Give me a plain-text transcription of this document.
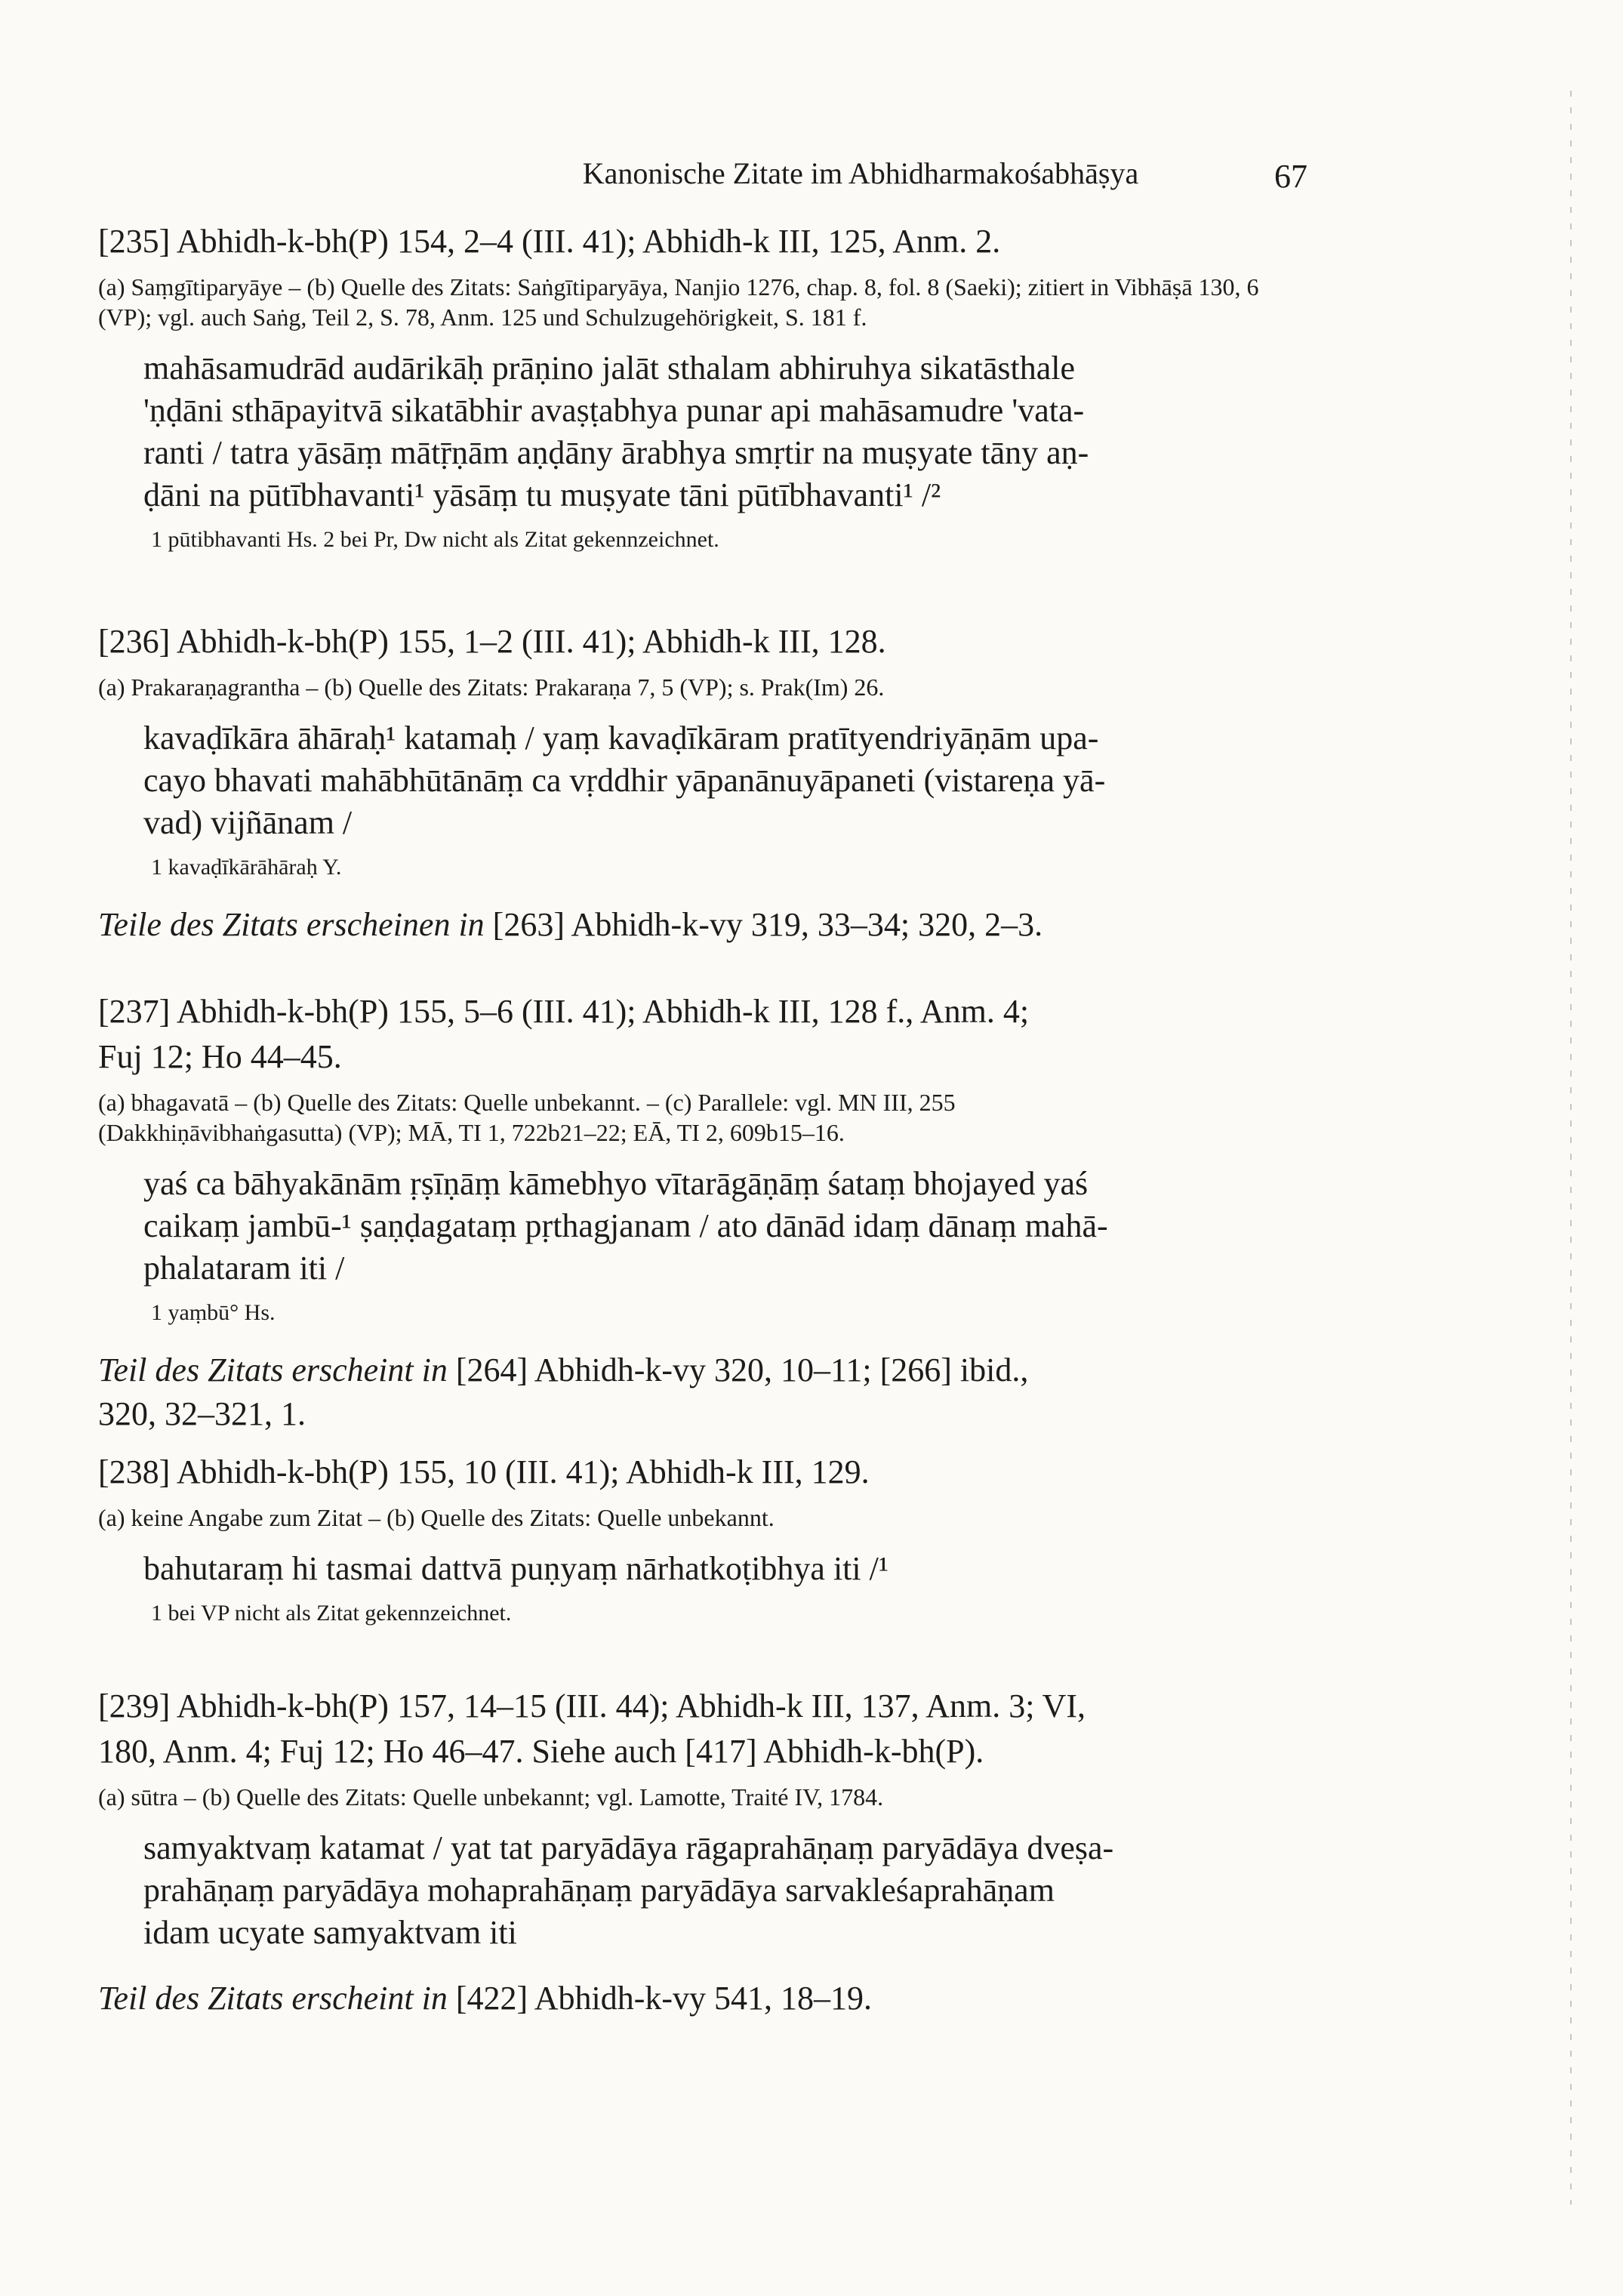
Kanonische Zitate im Abhidharmakośabhāṣya	67

[235] Abhidh-k-bh(P) 154, 2–4 (III. 41); Abhidh-k III, 125, Anm. 2.

(a) Saṃgītiparyāye – (b) Quelle des Zitats: Saṅgītiparyāya, Nanjio 1276, chap. 8, fol. 8 (Saeki); zitiert in Vibhāṣā 130, 6 (VP); vgl. auch Saṅg, Teil 2, S. 78, Anm. 125 und Schulzugehörigkeit, S. 181 f.

mahāsamudrād audārikāḥ prāṇino jalāt sthalam abhiruhya sikatāsthale
'ṇḍāni sthāpayitvā sikatābhir avaṣṭabhya punar api mahāsamudre 'vata-
ranti / tatra yāsāṃ mātṝṇām aṇḍāny ārabhya smṛtir na muṣyate tāny aṇ-
ḍāni na pūtībhavanti¹ yāsāṃ tu muṣyate tāni pūtībhavanti¹ /²

1 pūtibhavanti Hs. 2 bei Pr, Dw nicht als Zitat gekennzeichnet.

[236] Abhidh-k-bh(P) 155, 1–2 (III. 41); Abhidh-k III, 128.

(a) Prakaraṇagrantha – (b) Quelle des Zitats: Prakaraṇa 7, 5 (VP); s. Prak(Im) 26.

kavaḍīkāra āhāraḥ¹ katamaḥ / yaṃ kavaḍīkāram pratītyendriyāṇām upa-
cayo bhavati mahābhūtānāṃ ca vṛddhir yāpanānuyāpaneti (vistareṇa yā-
vad) vijñānam /

1 kavaḍīkārāhāraḥ Y.

Teile des Zitats erscheinen in [263] Abhidh-k-vy 319, 33–34; 320, 2–3.

[237] Abhidh-k-bh(P) 155, 5–6 (III. 41); Abhidh-k III, 128 f., Anm. 4;
Fuj 12; Ho 44–45.

(a) bhagavatā – (b) Quelle des Zitats: Quelle unbekannt. – (c) Parallele: vgl. MN III, 255
(Dakkhiṇāvibhaṅgasutta) (VP); MĀ, TI 1, 722b21–22; EĀ, TI 2, 609b15–16.

yaś ca bāhyakānām ṛṣīṇāṃ kāmebhyo vītarāgāṇāṃ śataṃ bhojayed yaś
caikaṃ jambū-¹ ṣaṇḍagataṃ pṛthagjanam / ato dānād idaṃ dānaṃ mahā-
phalataram iti /

1 yaṃbū° Hs.

Teil des Zitats erscheint in [264] Abhidh-k-vy 320, 10–11; [266] ibid.,
320, 32–321, 1.

[238] Abhidh-k-bh(P) 155, 10 (III. 41); Abhidh-k III, 129.

(a) keine Angabe zum Zitat – (b) Quelle des Zitats: Quelle unbekannt.

bahutaraṃ hi tasmai dattvā puṇyaṃ nārhatkoṭibhya iti /¹

1 bei VP nicht als Zitat gekennzeichnet.

[239] Abhidh-k-bh(P) 157, 14–15 (III. 44); Abhidh-k III, 137, Anm. 3; VI,
180, Anm. 4; Fuj 12; Ho 46–47. Siehe auch [417] Abhidh-k-bh(P).

(a) sūtra – (b) Quelle des Zitats: Quelle unbekannt; vgl. Lamotte, Traité IV, 1784.

samyaktvaṃ katamat / yat tat paryādāya rāgaprahāṇaṃ paryādāya dveṣa-
prahāṇaṃ paryādāya mohaprahāṇaṃ paryādāya sarvakleśaprahāṇam
idam ucyate samyaktvam iti

Teil des Zitats erscheint in [422] Abhidh-k-vy 541, 18–19.
